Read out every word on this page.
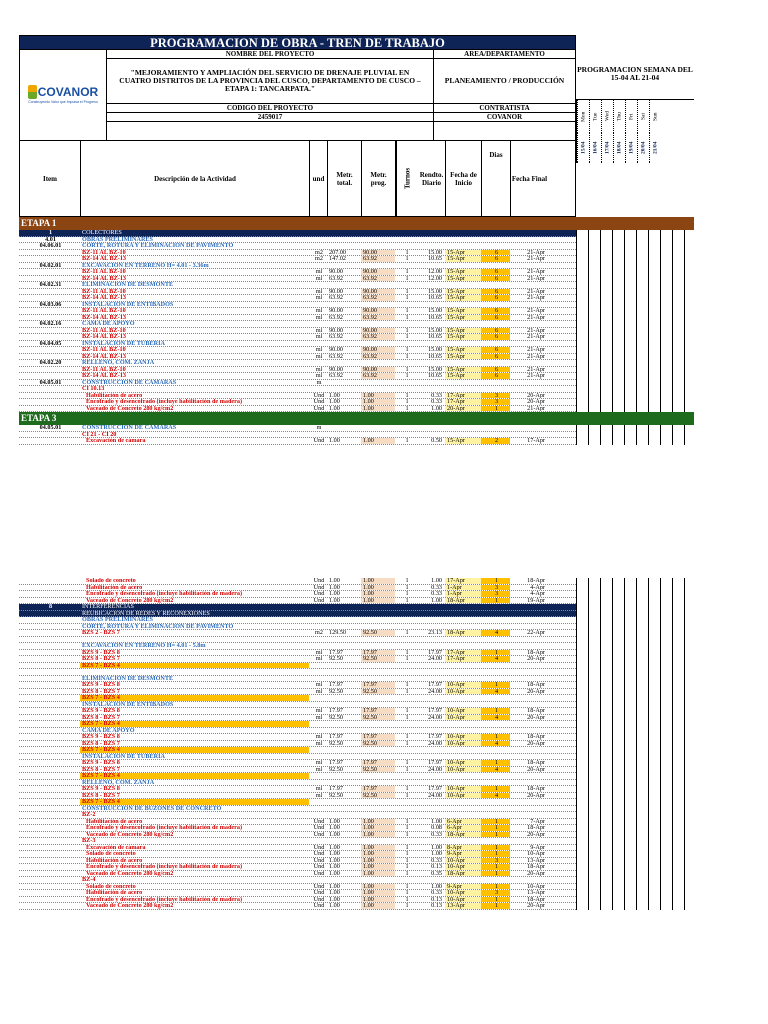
PROGRAMACION DE OBRA - TREN DE TRABAJO
COVANOR
Construyendo Valor que Impulsa el Progreso
NOMBRE DEL PROYECTO
"MEJORAMIENTO Y AMPLIACIÓN DEL SERVICIO DE DRENAJE PLUVIAL EN CUATRO DISTRITOS DE LA PROVINCIA DEL CUSCO, DEPARTAMENTO DE CUSCO – ETAPA 1: TANCARPATA."
CODIGO DEL PROYECTO
2459017
AREA/DEPARTAMENTO
PLANEAMIENTO / PRODUCCIÓN
CONTRATISTA
COVANOR
Item	Descripción de la Actividad	und	Metr. total.
Metr. prog.	Turnos	Rendto. Diario
Fecha de Inicio
Dias
Fecha Final
PROGRAMACION SEMANA DEL 15-04 AL 21-04
Mon	Tue	Wed	Thu	Fri	Sat	Sun
15/04	16/04	17/04	18/04	19/04	20/04	21/04
ETAPA 1
1	COLECTORES
4.01	OBRAS PRELIMINARES
04.06.01	CORTE, ROTURA Y ELIMINACION DE PAVIMENTO
BZ-11 AL BZ-10	m2 207.00	90.00	1	15.00 15-Apr	6	21-Apr
BZ-14 AL BZ-13	m2 147.02	63.92	1	10.65 15-Apr	6	21-Apr
04.02.01	EXCAVACION EN TERRENO H= 4.01 - 3.36m
BZ-11 AL BZ-10	ml	90.00	90.00	1	12.00 15-Apr	6	21-Apr
BZ-14 AL BZ-13	ml	63.92	63.92	1	12.00 15-Apr	6	21-Apr
04.02.31	ELIMINACION DE DESMONTE
BZ-11 AL BZ-10	ml	90.00	90.00	1	15.00 15-Apr	6	21-Apr
BZ-14 AL BZ-13	ml	63.92	63.92	1	10.65 15-Apr	6	21-Apr
04.03.06	INSTALACION DE ENTIBADOS
BZ-11 AL BZ-10	ml	90.00	90.00	1	15.00 15-Apr	6	21-Apr
BZ-14 AL BZ-13	ml	63.92	63.92	1	10.65 15-Apr	6	21-Apr
04.02.16	CAMA DE APOYO
BZ-11 AL BZ-10	ml	90.00	90.00	1	15.00 15-Apr	6	21-Apr
BZ-14 AL BZ-13	ml	63.92	63.92	1	10.65 15-Apr	6	21-Apr
04.04.05	INSTALACION DE TUBERIA
BZ-11 AL BZ-10	ml	90.00	90.00	1	15.00 15-Apr	6	21-Apr
BZ-14 AL BZ-13	ml	63.92	63.92	1	10.65 15-Apr	6	21-Apr
04.02.20	RELLENO, COM. ZANJA
BZ-11 AL BZ-10	ml	90.00	90.00	1	15.00 15-Apr	6	21-Apr
BZ-14 AL BZ-13	ml	63.92	63.92	1	10.65 15-Apr	6	21-Apr
04.05.01	CONSTRUCCION DE CAMARAS	m
CI 10.13
Habilitación de acero	Und 1.00	1.00	1	0.33 17-Apr	3	20-Apr
Encofrado y desencofrado (incluye habilitación de madera)	Und 1.00	1.00	1	0.33 17-Apr	3	20-Apr
Vaceado de Concreto 280 kg/cm2	Und 1.00	1.00	1	1.00 20-Apr	1	21-Apr
ETAPA 3
04.05.01	CONSTRUCCION DE CAMARAS	m
CI 21 - CI 20
Excavación de cámara	Und 1.00	1.00	1	0.50 15-Apr	2	17-Apr
Solado de concreto	Und 1.00	1.00	1	1.00 17-Apr	1	18-Apr
Habilitación de acero	Und 1.00	1.00	1	0.33 1-Apr	3	4-Apr
Encofrado y desencofrado (incluye habilitación de madera)	Und 1.00	1.00	1	0.33 1-Apr	3	4-Apr
Vaceado de Concreto 280 kg/cm2	Und 1.00	1.00	1	1.00 18-Apr	1	19-Apr
8	INTERFERENCIAS
REUBICACION DE REDES Y RECONEXIONES
OBRAS PRELIMINARES
CORTE, ROTURA Y ELIMINACION DE PAVIMENTO
BZS 2 - BZS 7	m2 129.50	92.50	1	23.13 18-Apr	4	22-Apr
EXCAVACION EN TERRENO H= 4.01 - 5.8m
BZS 9 - BZS 8	ml	17.97	17.97	1	17.97 17-Apr	1	18-Apr
BZS 8 - BZS 7	ml	92.50	92.50	1	24.00 17-Apr	4	20-Apr
BZS 7 - BZS 4
ELIMINACION DE DESMONTE
BZS 9 - BZS 8	ml	17.97	17.97	1	17.97 10-Apr	1	18-Apr
BZS 8 - BZS 7	ml	92.50	92.50	1	24.00 10-Apr	4	20-Apr
BZS 7 - BZS 4
INSTALACION DE ENTIBADOS
BZS 9 - BZS 8	ml	17.97	17.97	1	17.97 10-Apr	1	18-Apr
BZS 8 - BZS 7	ml	92.50	92.50	1	24.00 10-Apr	4	20-Apr
BZS 7 - BZS 4
CAMA DE APOYO
BZS 9 - BZS 8	ml	17.97	17.97	1	17.97 10-Apr	1	18-Apr
BZS 8 - BZS 7	ml	92.50	92.50	1	24.00 10-Apr	4	20-Apr
BZS 7 - BZS 4
INSTALACION DE TUBERIA
BZS 9 - BZS 8	ml	17.97	17.97	1	17.97 10-Apr	1	18-Apr
BZS 8 - BZS 7	ml	92.50	92.50	1	24.00 10-Apr	4	20-Apr
BZS 7 - BZS 4
RELLENO, COM. ZANJA
BZS 9 - BZS 8	ml	17.97	17.97	1	17.97 10-Apr	1	18-Apr
BZS 8 - BZS 7	ml	92.50	92.50	1	24.00 10-Apr	4	20-Apr
BZS 7 - BZS 4
CONSTRUCCION DE BUZONES DE CONCRETO
BZ-2
Habilitación de acero	Und 1.00	1.00	1	1.00 6-Apr	1	7-Apr
Encofrado y desencofrado (incluye habilitación de madera)	Und 1.00	1.00	1	0.08 6-Apr	1	18-Apr
Vaceado de Concreto 280 kg/cm2	Und 1.00	1.00	1	0.33 18-Apr	1	20-Apr
BZ-3
Excavación de cámara	Und 1.00	1.00	1	1.00 8-Apr	1	9-Apr
Solado de concreto	Und 1.00	1.00	1	1.00 9-Apr	1	10-Apr
Habilitación de acero	Und 1.00	1.00	1	0.33 10-Apr	3	13-Apr
Encofrado y desencofrado (incluye habilitación de madera)	Und 1.00	1.00	1	0.13 10-Apr	1	18-Apr
Vaceado de Concreto 280 kg/cm2	Und 1.00	1.00	1	0.35 18-Apr	1	20-Apr
BZ-4
Solado de concreto	Und 1.00	1.00	1	1.00 9-Apr	1	10-Apr
Habilitación de acero	Und 1.00	1.00	1	0.33 10-Apr	3	13-Apr
Encofrado y desencofrado (incluye habilitación de madera)	Und 1.00	1.00	1	0.13 10-Apr	1	18-Apr
Vaceado de Concreto 280 kg/cm2	Und 1.00	1.00	1	0.13 13-Apr	1	20-Apr
